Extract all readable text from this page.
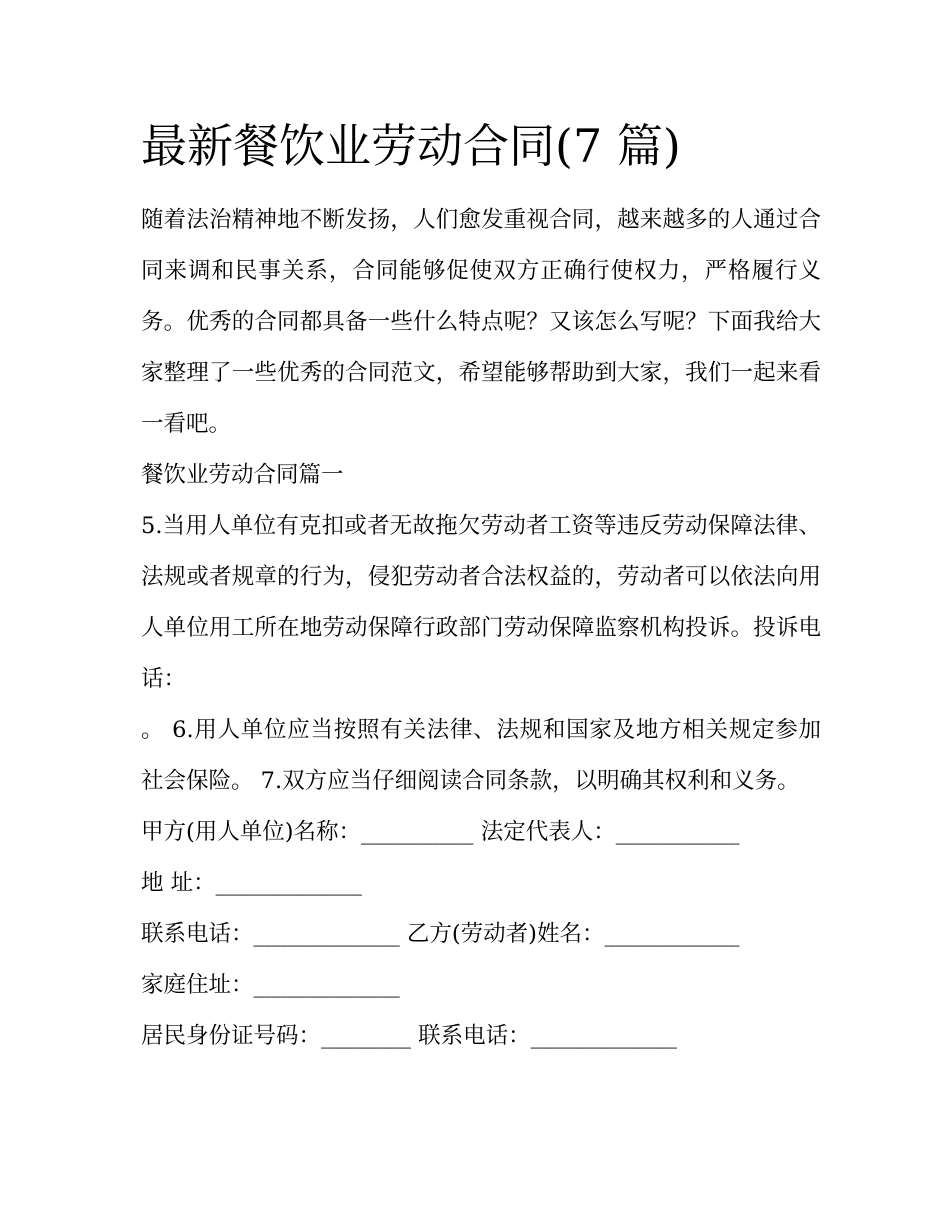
最新餐饮业劳动合同(7 篇)

随着法治精神地不断发扬，人们愈发重视合同，越来越多的人通过合同来调和民事关系，合同能够促使双方正确行使权力，严格履行义务。优秀的合同都具备一些什么特点呢？又该怎么写呢？下面我给大家整理了一些优秀的合同范文，希望能够帮助到大家，我们一起来看一看吧。

餐饮业劳动合同篇一

5.当用人单位有克扣或者无故拖欠劳动者工资等违反劳动保障法律、法规或者规章的行为，侵犯劳动者合法权益的，劳动者可以依法向用人单位用工所在地劳动保障行政部门劳动保障监察机构投诉。投诉电话：

。 6.用人单位应当按照有关法律、法规和国家及地方相关规定参加社会保险。 7.双方应当仔细阅读合同条款，以明确其权利和义务。

甲方(用人单位)名称：__________ 法定代表人：___________

地 址：_____________

联系电话：_____________ 乙方(劳动者)姓名：____________

家庭住址：_____________

居民身份证号码：________ 联系电话：_____________
